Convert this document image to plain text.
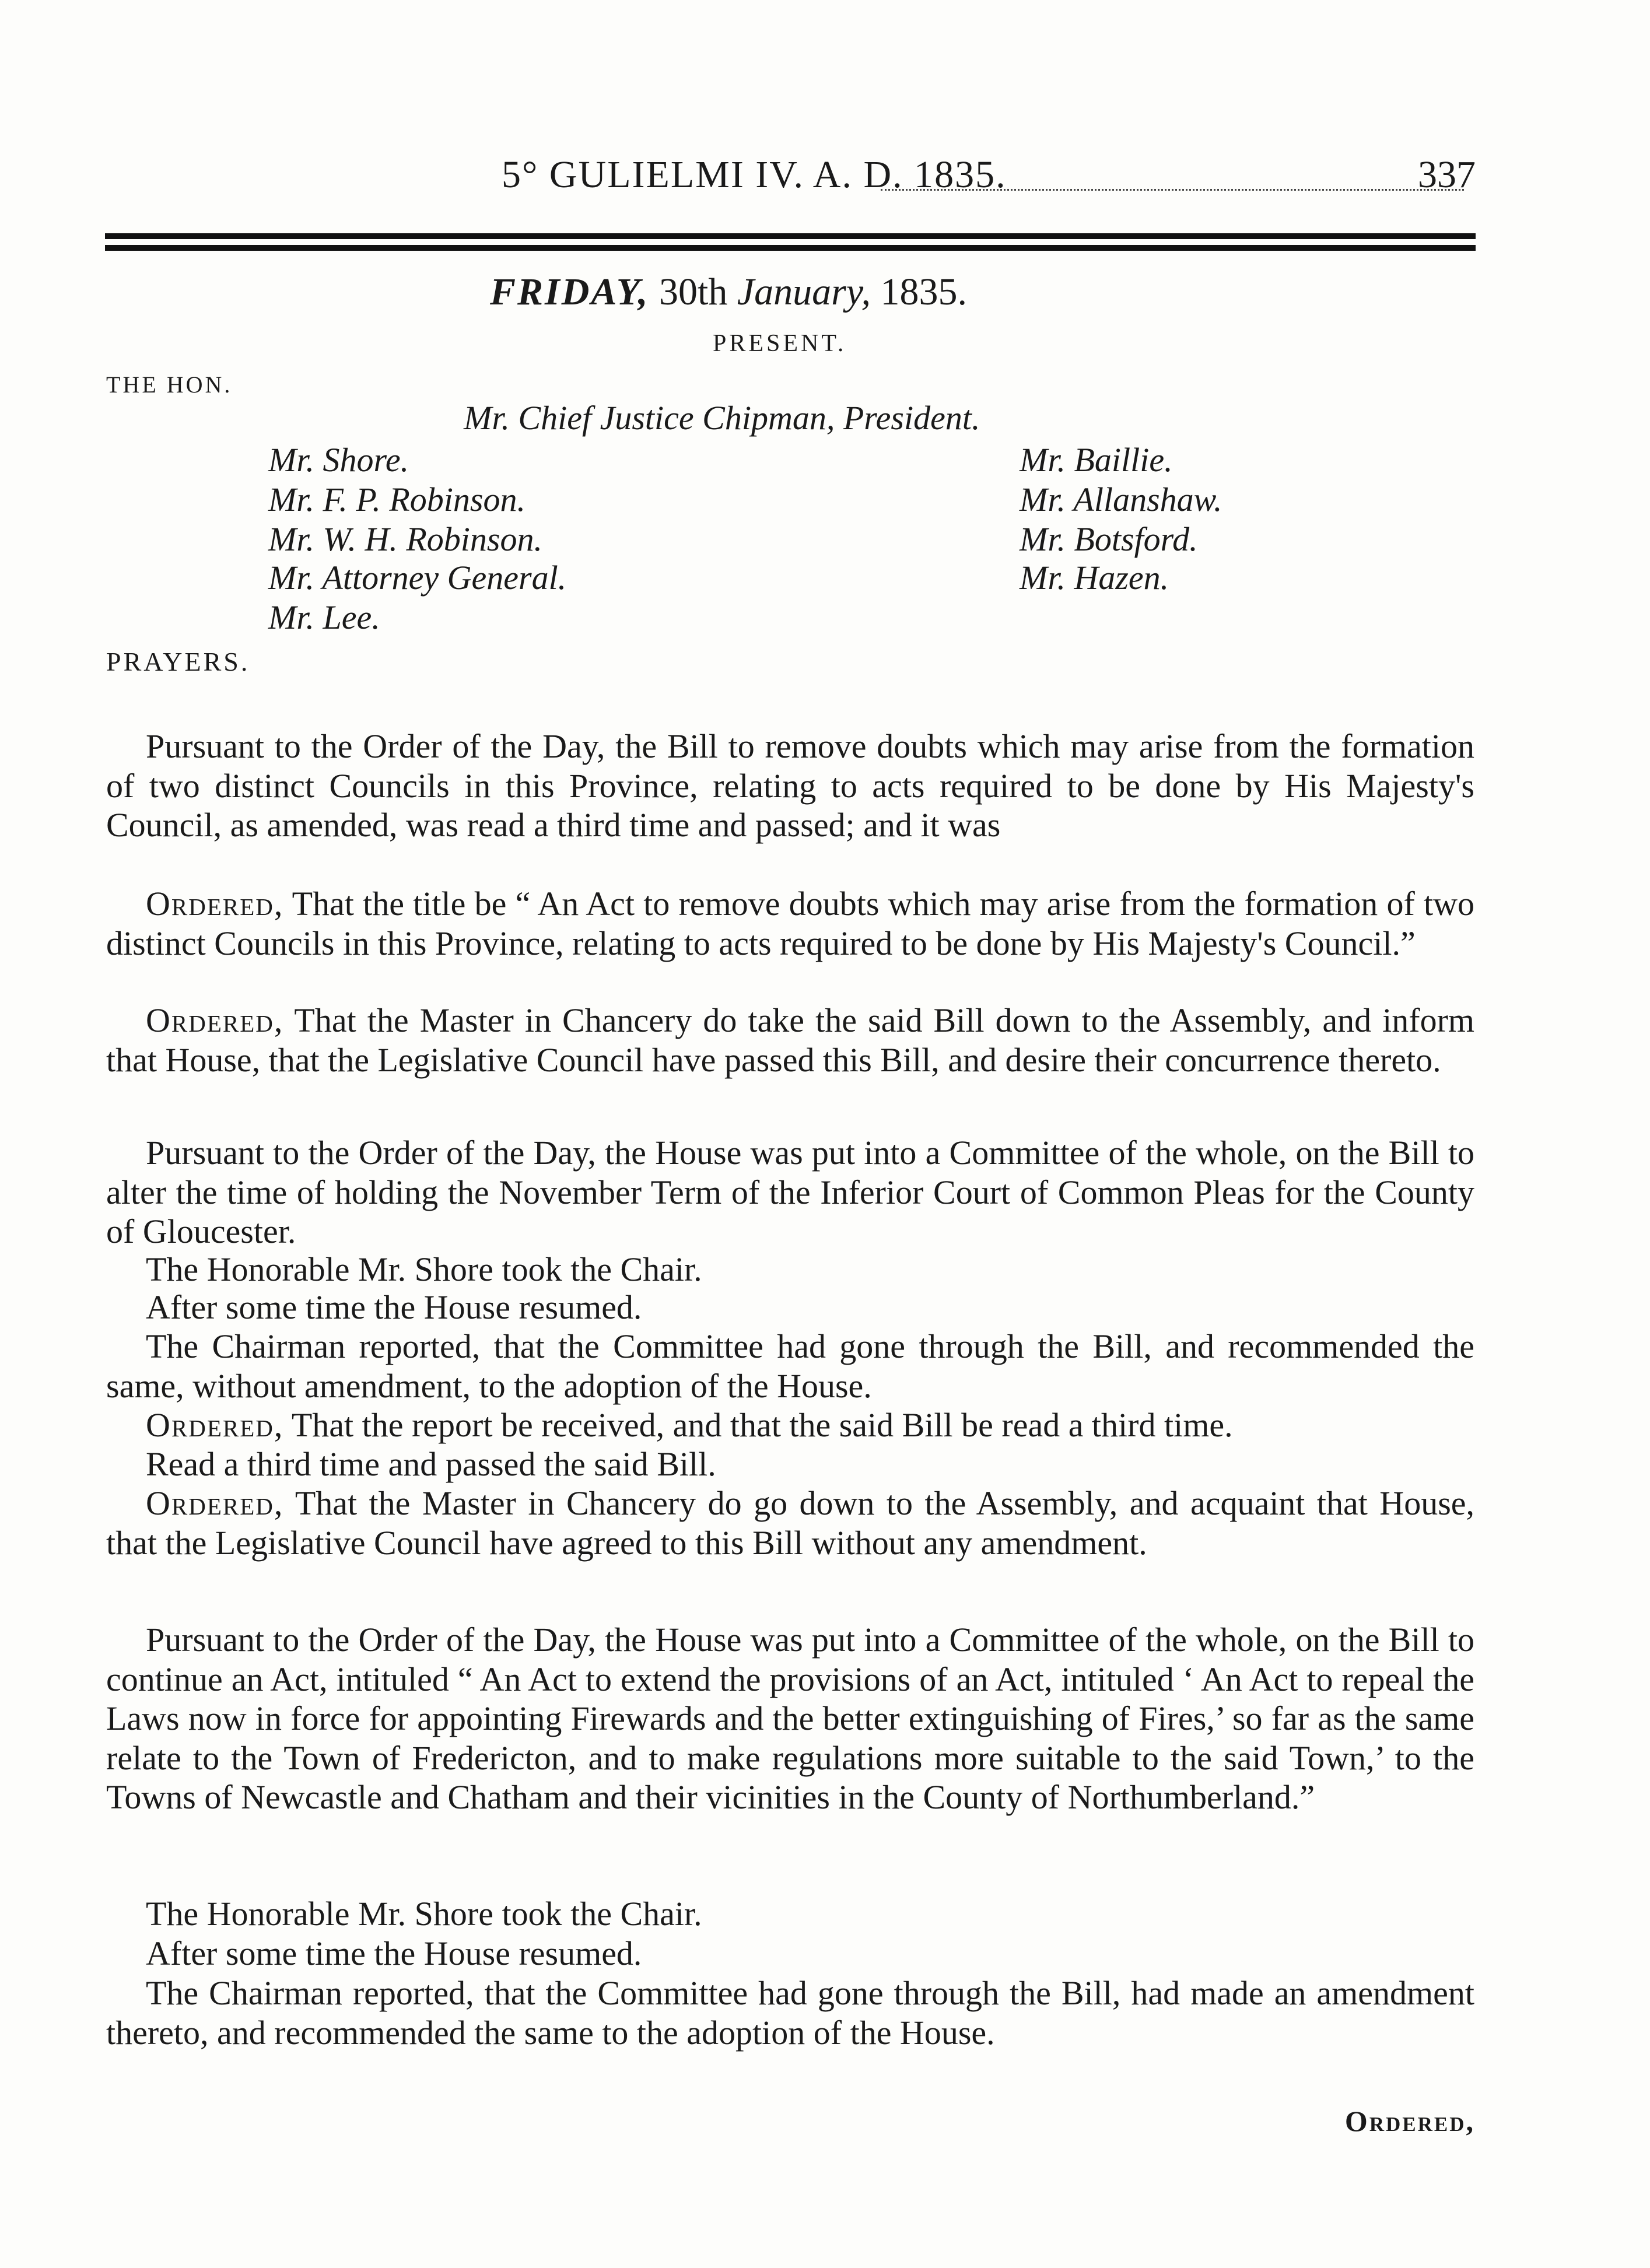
5° GULIELMI IV. A. D. 1835.	337
FRIDAY, 30th January, 1835.
PRESENT.
THE HON.
Mr. Chief Justice Chipman, President.
Mr. Shore.
Mr. F. P. Robinson.
Mr. W. H. Robinson.
Mr. Attorney General.
Mr. Lee.
Mr. Baillie.
Mr. Allanshaw.
Mr. Botsford.
Mr. Hazen.
PRAYERS.

Pursuant to the Order of the Day, the Bill to remove doubts which may arise from the formation of two distinct Councils in this Province, relating to acts required to be done by His Majesty's Council, as amended, was read a third time and passed; and it was

Ordered, That the title be “ An Act to remove doubts which may arise from the formation of two distinct Councils in this Province, relating to acts required to be done by His Majesty's Council.”

Ordered, That the Master in Chancery do take the said Bill down to the Assembly, and inform that House, that the Legislative Council have passed this Bill, and desire their concurrence thereto.

Pursuant to the Order of the Day, the House was put into a Committee of the whole, on the Bill to alter the time of holding the November Term of the Inferior Court of Common Pleas for the County of Gloucester.

The Honorable Mr. Shore took the Chair.

After some time the House resumed.

The Chairman reported, that the Committee had gone through the Bill, and recommended the same, without amendment, to the adoption of the House.

Ordered, That the report be received, and that the said Bill be read a third time.

Read a third time and passed the said Bill.

Ordered, That the Master in Chancery do go down to the Assembly, and acquaint that House, that the Legislative Council have agreed to this Bill without any amendment.

Pursuant to the Order of the Day, the House was put into a Committee of the whole, on the Bill to continue an Act, intituled “ An Act to extend the provisions of an Act, intituled ‘ An Act to repeal the Laws now in force for appointing Firewards and the better extinguishing of Fires,’ so far as the same relate to the Town of Fredericton, and to make regulations more suitable to the said Town,’ to the Towns of Newcastle and Chatham and their vicinities in the County of Northumberland.”

The Honorable Mr. Shore took the Chair.

After some time the House resumed.

The Chairman reported, that the Committee had gone through the Bill, had made an amendment thereto, and recommended the same to the adoption of the House.

Ordered,
